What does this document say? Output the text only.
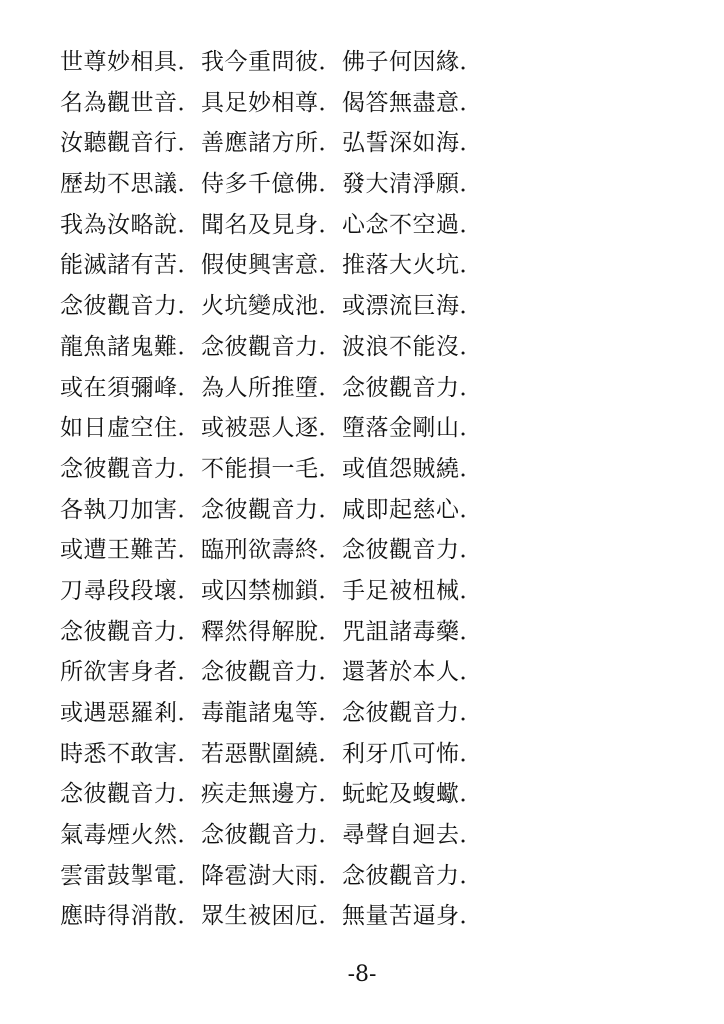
世尊妙相具．我今重問彼．佛子何因緣．
名為觀世音．具足妙相尊．偈答無盡意．
汝聽觀音行．善應諸方所．弘誓深如海．
歷劫不思議．侍多千億佛．發大清淨願．
我為汝略說．聞名及見身．心念不空過．
能滅諸有苦．假使興害意．推落大火坑．
念彼觀音力．火坑變成池．或漂流巨海．
龍魚諸鬼難．念彼觀音力．波浪不能沒．
或在須彌峰．為人所推墮．念彼觀音力．
如日虛空住．或被惡人逐．墮落金剛山．
念彼觀音力．不能損一毛．或值怨賊繞．
各執刀加害．念彼觀音力．咸即起慈心．
或遭王難苦．臨刑欲壽終．念彼觀音力．
刀尋段段壞．或囚禁枷鎖．手足被杻械．
念彼觀音力．釋然得解脫．咒詛諸毒藥．
所欲害身者．念彼觀音力．還著於本人．
或遇惡羅剎．毒龍諸鬼等．念彼觀音力．
時悉不敢害．若惡獸圍繞．利牙爪可怖．
念彼觀音力．疾走無邊方．蚖蛇及蝮蠍．
氣毒煙火然．念彼觀音力．尋聲自迴去．
雲雷鼓掣電．降雹澍大雨．念彼觀音力．
應時得消散．眾生被困厄．無量苦逼身．
-8-
